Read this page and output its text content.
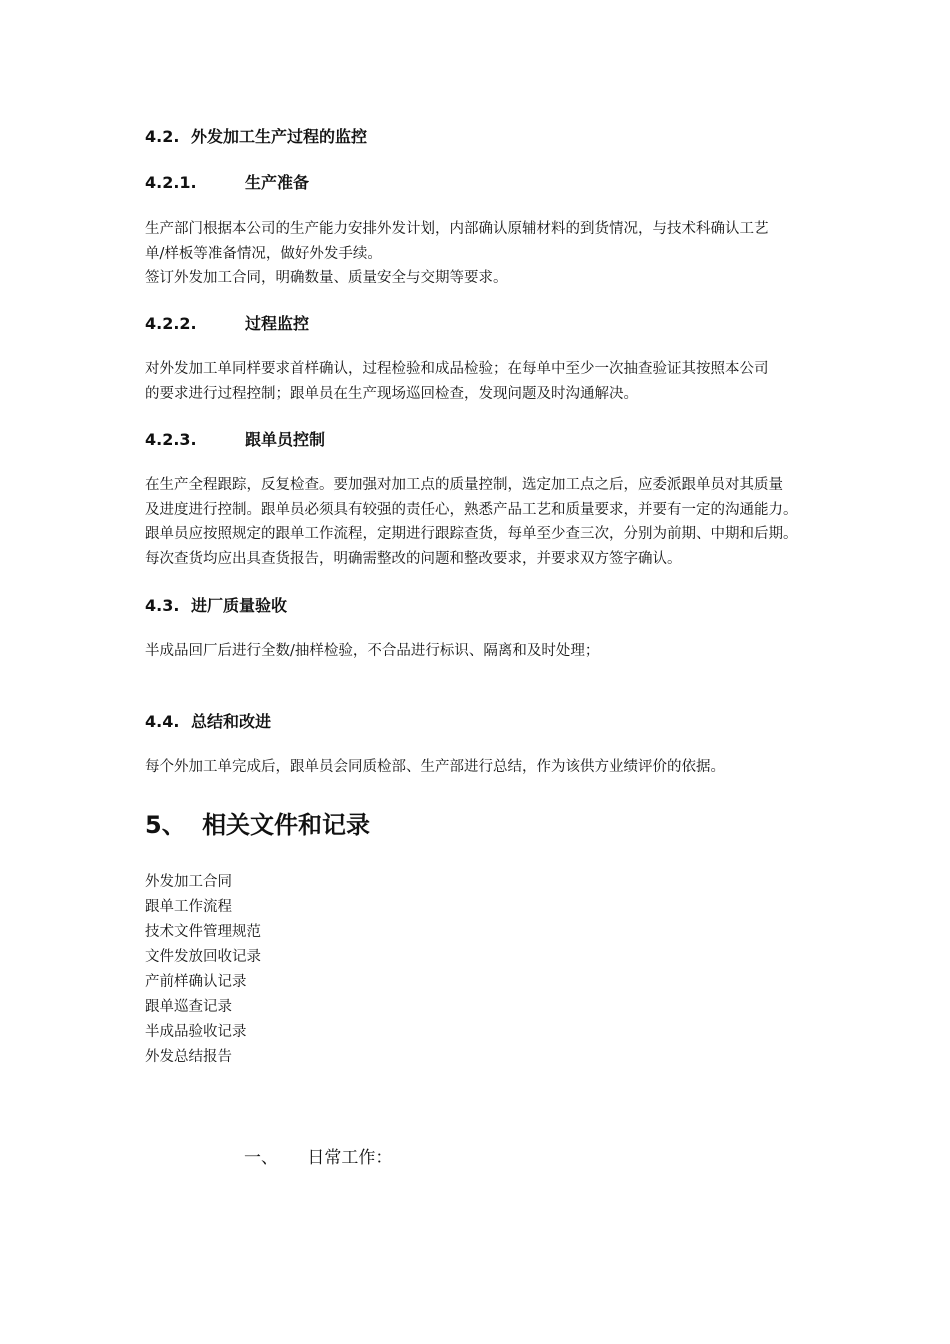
4.2. 外发加工生产过程的监控
4.2.1.	生产准备

生产部门根据本公司的生产能力安排外发计划，内部确认原辅材料的到货情况，与技术科确认工艺

单/样板等准备情况，做好外发手续。

签订外发加工合同，明确数量、质量安全与交期等要求。

4.2.2.	过程监控

对外发加工单同样要求首样确认，过程检验和成品检验；在每单中至少一次抽查验证其按照本公司

的要求进行过程控制；跟单员在生产现场巡回检查，发现问题及时沟通解决。

4.2.3.	跟单员控制

在生产全程跟踪，反复检查。要加强对加工点的质量控制，选定加工点之后，应委派跟单员对其质量

及进度进行控制。跟单员必须具有较强的责任心，熟悉产品工艺和质量要求，并要有一定的沟通能力。

跟单员应按照规定的跟单工作流程，定期进行跟踪查货，每单至少查三次，分别为前期、中期和后期。

每次查货均应出具查货报告，明确需整改的问题和整改要求，并要求双方签字确认。

4.3. 进厂质量验收

半成品回厂后进行全数/抽样检验，不合品进行标识、隔离和及时处理；

4.4. 总结和改进

每个外加工单完成后，跟单员会同质检部、生产部进行总结，作为该供方业绩评价的依据。

5、 相关文件和记录
外发加工合同
跟单工作流程
技术文件管理规范
文件发放回收记录
产前样确认记录
跟单巡查记录
半成品验收记录
外发总结报告
一、 日常工作：
